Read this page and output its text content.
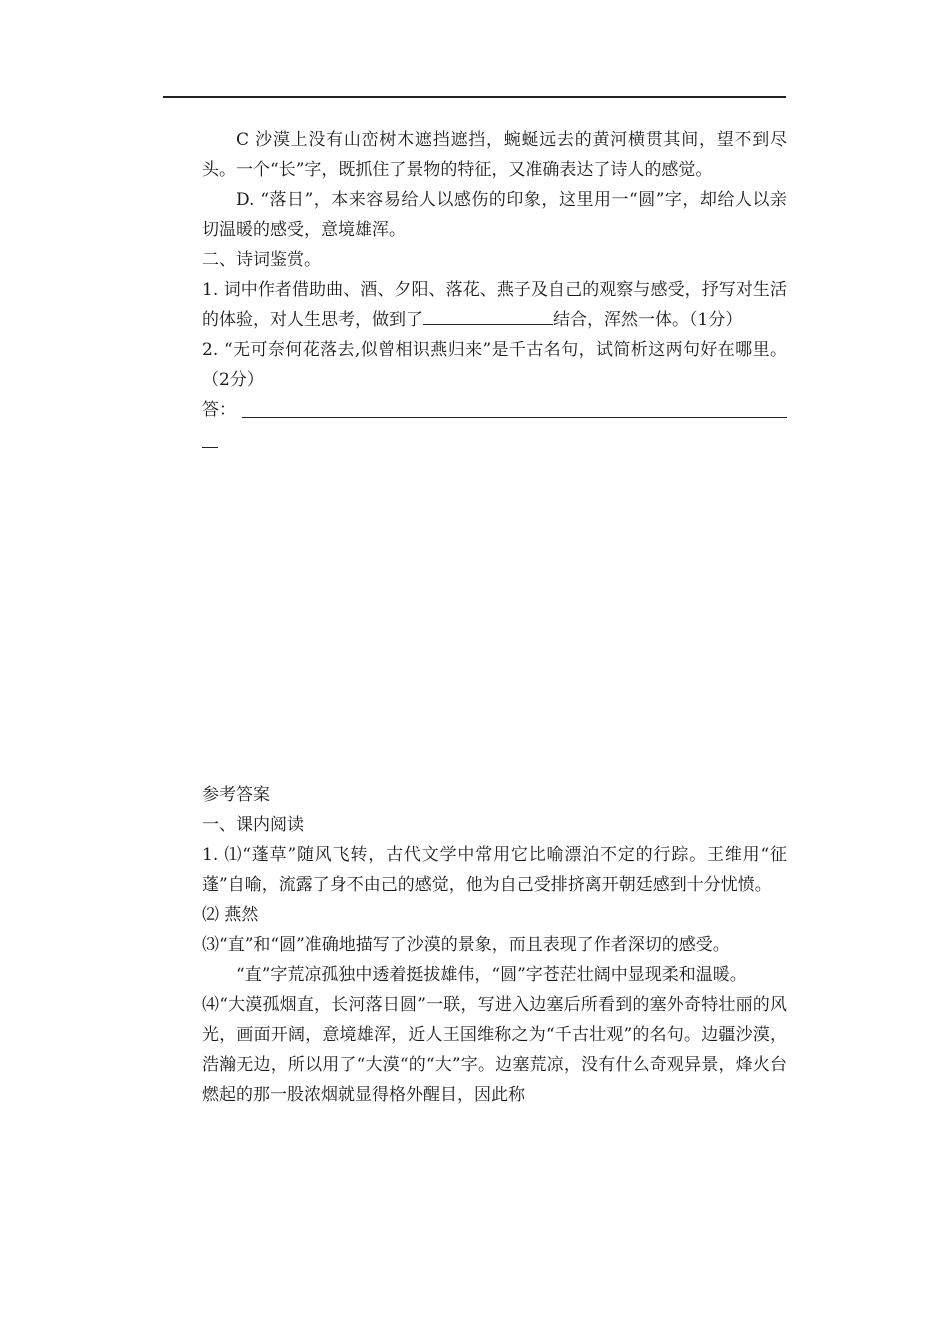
C 沙漠上没有山峦树木遮挡遮挡，蜿蜒远去的黄河横贯其间，望不到尽头。一个“长”字，既抓住了景物的特征，又准确表达了诗人的感觉。

D. “落日”，本来容易给人以感伤的印象，这里用一“圆”字，却给人以亲切温暖的感受，意境雄浑。

二、诗词鉴赏。

1. 词中作者借助曲、酒、夕阳、落花、燕子及自己的观察与感受，抒写对生活的体验，对人生思考，做到了	结合，浑然一体。（1分）

2. “无可奈何花落去,似曾相识燕归来”是千古名句，试简析这两句好在哪里。（2分）

答：

参考答案

一、课内阅读

1. ⑴“蓬草”随风飞转，古代文学中常用它比喻漂泊不定的行踪。王维用“征蓬”自喻，流露了身不由己的感觉，他为自己受排挤离开朝廷感到十分忧愤。

⑵ 燕然

⑶“直”和“圆”准确地描写了沙漠的景象，而且表现了作者深切的感受。

“直”字荒凉孤独中透着挺拔雄伟，“圆”字苍茫壮阔中显现柔和温暖。

⑷“大漠孤烟直，长河落日圆”一联，写进入边塞后所看到的塞外奇特壮丽的风光，画面开阔，意境雄浑，近人王国维称之为“千古壮观”的名句。边疆沙漠，浩瀚无边，所以用了“大漠“的“大”字。边塞荒凉，没有什么奇观异景，烽火台燃起的那一股浓烟就显得格外醒目，因此称
